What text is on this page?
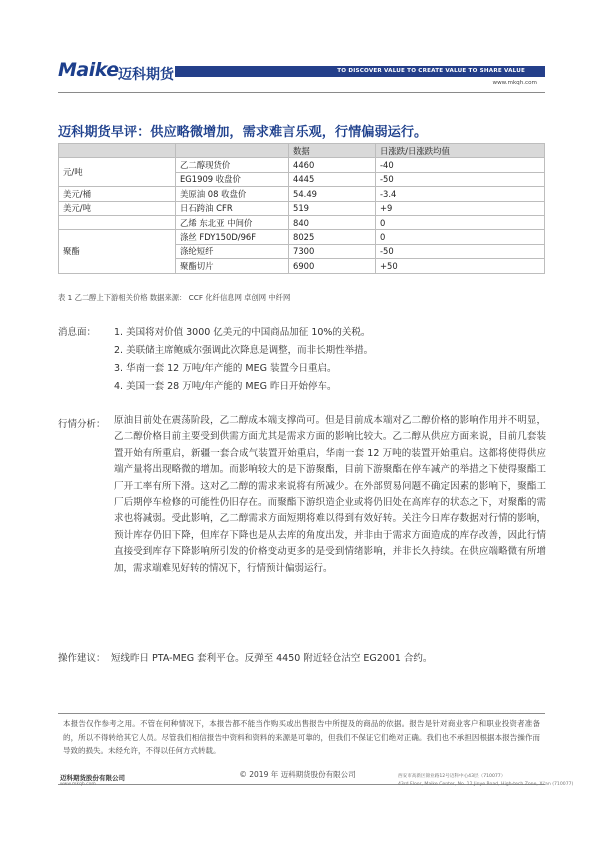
Maike 迈科期货	TO DISCOVER VALUE TO CREATE VALUE TO SHARE VALUE
www.mkqh.com
迈科期货早评：供应略微增加，需求难言乐观，行情偏弱运行。
		数据	日涨跌/日涨跌均值
元/吨	乙二醇现货价	4460	-40
	EG1909 收盘价	4445	-50
美元/桶	美原油 08 收盘价	54.49	-3.4
美元/吨	日石跨油 CFR	519	+9
	乙烯 东北亚 中间价	840	0
聚酯	涤丝 FDY150D/96F	8025	0
	涤纶短纤	7300	-50
	聚酯切片	6900	+50
表 1 乙二醇上下游相关价格 数据来源： CCF 化纤信息网 卓创网 中纤网
消息面： 1. 美国将对价值 3000 亿美元的中国商品加征 10%的关税。
2. 美联储主席鲍威尔强调此次降息是调整，而非长期性举措。
3. 华南一套 12 万吨/年产能的 MEG 装置今日重启。
4. 美国一套 28 万吨/年产能的 MEG 昨日开始停车。
行情分析： 原油目前处在震荡阶段，乙二醇成本端支撑尚可。但是目前成本端对乙二醇价格的影响作用并不明显，乙二醇价格目前主要受到供需方面尤其是需求方面的影响比较大。乙二醇从供应方面来说，目前几套装置开始有所重启，新疆一套合成气装置开始重启，华南一套 12 万吨的装置开始重启。这都将使得供应端产量将出现略微的增加。而影响较大的是下游聚酯，目前下游聚酯在停车减产的举措之下使得聚酯工厂开工率有所下滑。这对乙二醇的需求来说将有所减少。在外部贸易问题不确定因素的影响下，聚酯工厂后期停车检修的可能性仍旧存在。而聚酯下游织造企业或将仍旧处在高库存的状态之下，对聚酯的需求也将减弱。受此影响，乙二醇需求方面短期将难以得到有效好转。关注今日库存数据对行情的影响，预计库存仍旧下降，但库存下降也是从去库的角度出发，并非由于需求方面造成的库存改善，因此行情直接受到库存下降影响所引发的价格变动更多的是受到情绪影响，并非长久持续。在供应端略微有所增加，需求端难见好转的情况下，行情预计偏弱运行。
操作建议： 短线昨日 PTA-MEG 套利平仓。反弹至 4450 附近轻仓沽空 EG2001 合约。
本报告仅作参考之用。不管在何种情况下，本报告都不能当作购买或出售报告中所提及的商品的依据。报告是针对商业客户和职业投资者准备的，所以不得转给其它人员。尽管我们相信报告中资料和资料的来源是可靠的，但我们不保证它们绝对正确。我们也不承担因根据本报告操作而导致的损失。未经允许，不得以任何方式转载。
© 2019 年 迈科期货股份有限公司
迈科期货股份有限公司
www.mkqh.com
西安市高新区锦业路12号迈科中心43层（710077）
43rd Floor, Maike Center, No. 12 Jinye Road, High-tech Zone, Xi'an (710077)
